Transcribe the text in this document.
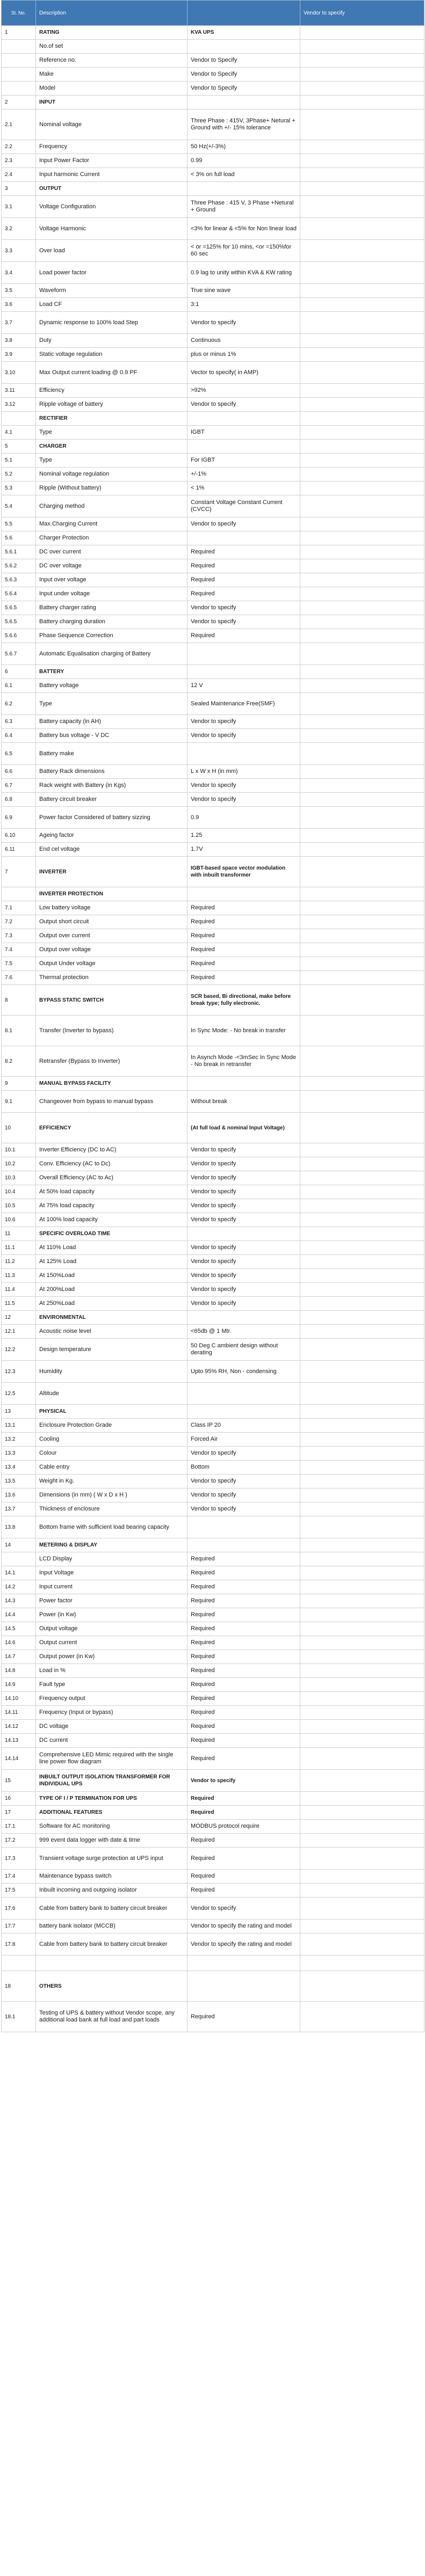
Sl. No.	Description		Vendor to specify
1	RATING	KVA UPS	
	No.of set		
	Reference no.	Vendor to Specify	
	Make	Vendor to Specify	
	Model	Vendor to Specify	
2	INPUT		
2.1	Nominal voltage	Three Phase : 415V, 3Phase+ Netural + Ground with +/- 15% tolerance	
2.2	Frequency	50 Hz(+/-3%)	
2.3	Input Power Factor	0.99	
2.4	Input harmonic Current	< 3% on full load	
3	OUTPUT		
3.1	Voltage Configuration	Three Phase : 415 V, 3 Phase +Netural + Ground	
3.2	Voltage Harmonic	<3% for linear & <5% for Non linear load	
3.3	Over load	< or =125% for 10 mins, <or =150%for 60 sec	
3.4	Load power factor	0.9 lag to unity within KVA & KW rating	
3.5	Waveform	True sine wave	
3.6	Load CF	3:1	
3.7	Dynamic response to 100% load Step	Vendor to specify	
3.8	Duty	Continuous	
3.9	Static voltage regulation	plus or minus 1%	
3.10	Max Output current loading @ 0.9 PF	Vector to specify( in AMP)	
3.11	Efficiency	>92%	
3.12	Ripple voltage of battery	Vendor to specify	
	RECTIFIER		
4.1	Type	IGBT	
5	CHARGER		
5.1	Type	For IGBT	
5.2	Nominal voltage regulation	+/-1%	
5.3	Ripple (Without battery)	< 1%	
5.4	Charging method	Constant Voltage Constant Current (CVCC)	
5.5	Max.Charging Current	Vendor to specify	
5.6	Charger Protection		
5.6.1	DC over current	Required	
5.6.2	DC over voltage	Required	
5.6.3	Input over voltage	Required	
5.6.4	Input under voltage	Required	
5.6.5	Battery charger rating	Vendor to specify	
5.6.5	Battery charging duration	Vendor to specify	
5.6.6	Phase Sequence Correction	Required	
5.6.7	Automatic Equalisation charging of Battery		
6	BATTERY		
6.1	Battery voltage	12 V	
6.2	Type	Sealed Maintenance Free(SMF)	
6.3	Battery capacity (in AH)	Vendor to specify	
6.4	Battery bus voltage - V DC	Vendor to specify	
6.5	Battery make		
6.6	Battery Rack dimensions	L x W x H (in mm)	
6.7	Rack weight with Battery (in Kgs)	Vendor to specify	
6.8	Battery circuit breaker	Vendor to specify	
6.9	Power factor Considered of battery sizzing	0.9	
6.10	Ageing factor	1.25	
6.11	End cel voltage	1.7V	
7	INVERTER	IGBT-based space vector modulation with inbuilt transformer	
	INVERTER PROTECTION		
7.1	Low battery voltage	Required	
7.2	Output short circuit	Required	
7.3	Output over current	Required	
7.4	Output over voltage	Required	
7.5	Output Under voltage	Required	
7.6	Thermal protection	Required	
8	BYPASS STATIC SWITCH	SCR based, Bi directional, make before break type; fully electronic.	
8.1	Transfer (Inverter to bypass)	In Sync Mode: - No break in transfer	
8.2	Retransfer (Bypass to Inverter)	In Asynch Mode -<3mSec In Sync Mode - No break in retransfer	
9	MANUAL BYPASS FACILITY		
9.1	Changeover from bypass to manual bypass	Without break	
10	EFFICIENCY	(At full load & nominal Input Voltage)	
10.1	Inverter Efficiency (DC to AC)	Vendor to specify	
10.2	Conv. Efficiency (AC to Dc)	Vendor to specify	
10.3	Overall Efficiency (AC to Ac)	Vendor to specify	
10.4	At 50% load capacity	Vendor to specify	
10.5	At 75% load capacity	Vendor to specify	
10.6	At 100% load capacity	Vendor to specify	
11	SPECIFIC OVERLOAD TIME		
11.1	At 110% Load	Vendor to specify	
11.2	At 125% Load	Vendor to specify	
11.3	At 150%Load	Vendor to specify	
11.4	At 200%Load	Vendor to specify	
11.5	At 250%Load	Vendor to specify	
12	ENVIRONMENTAL		
12.1	Acoustic noise level	<65db @ 1 Mtr.	
12.2	Design temperature	50 Deg C ambient design without derating	
12.3	Humidity	Upto 95% RH, Non - condensing	
12.5	Altitude		
13	PHYSICAL		
13.1	Enclosure Protection Grade	Class IP 20	
13.2	Cooling	Forced Air	
13.3	Colour	Vendor to specify	
13.4	Cable entry	Bottom	
13.5	Weight in Kg.	Vendor to specify	
13.6	Dimensions (in mm) ( W x D x H )	Vendor to specify	
13.7	Thickness of enclosure	Vendor to specify	
13.8	Bottom frame with sufficient load bearing capacity		
14	METERING & DISPLAY		
	LCD Display	Required	
14.1	Input Voltage	Required	
14.2	Input current	Required	
14.3	Power factor	Required	
14.4	Power (in Kw)	Required	
14.5	Output voltage	Required	
14.6	Output current	Required	
14.7	Output power (in Kw)	Required	
14.8	Load in %	Required	
14.9	Fault type	Required	
14.10	Frequency output	Required	
14.11	Frequency (Input or bypass)	Required	
14.12	DC voltage	Required	
14.13	DC current	Required	
14.14	Comprehensive LED Mimic required with the single line power flow diagram	Required	
15	INBUILT OUTPUT ISOLATION TRANSFORMER FOR INDIVIDUAL UPS	Vendor to specify	
16	TYPE OF I / P TERMINATION FOR UPS	Required	
17	ADDITIONAL FEATURES	Required	
17.1	Software for AC monitoring	MODBUS protocol require	
17.2	999 event data logger with date & time	Required	
17.3	Transient voltage surge protection at UPS input	Required	
17.4	Maintenance bypass switch	Required	
17.5	Inbuilt incoming and outgoing isolator	Required	
17.6	Cable from battery bank to battery circuit breaker	Vendor to specify	
17.7	battery bank isolator (MCCB)	Vendor to specify the rating and model	
17.8	Cable from battery bank to battery circuit breaker	Vendor to specify the rating and model	

18	OTHERS		
18.1	Testing of UPS & battery without Vendor scope, any additional load bank at full load and part loads	Required	
